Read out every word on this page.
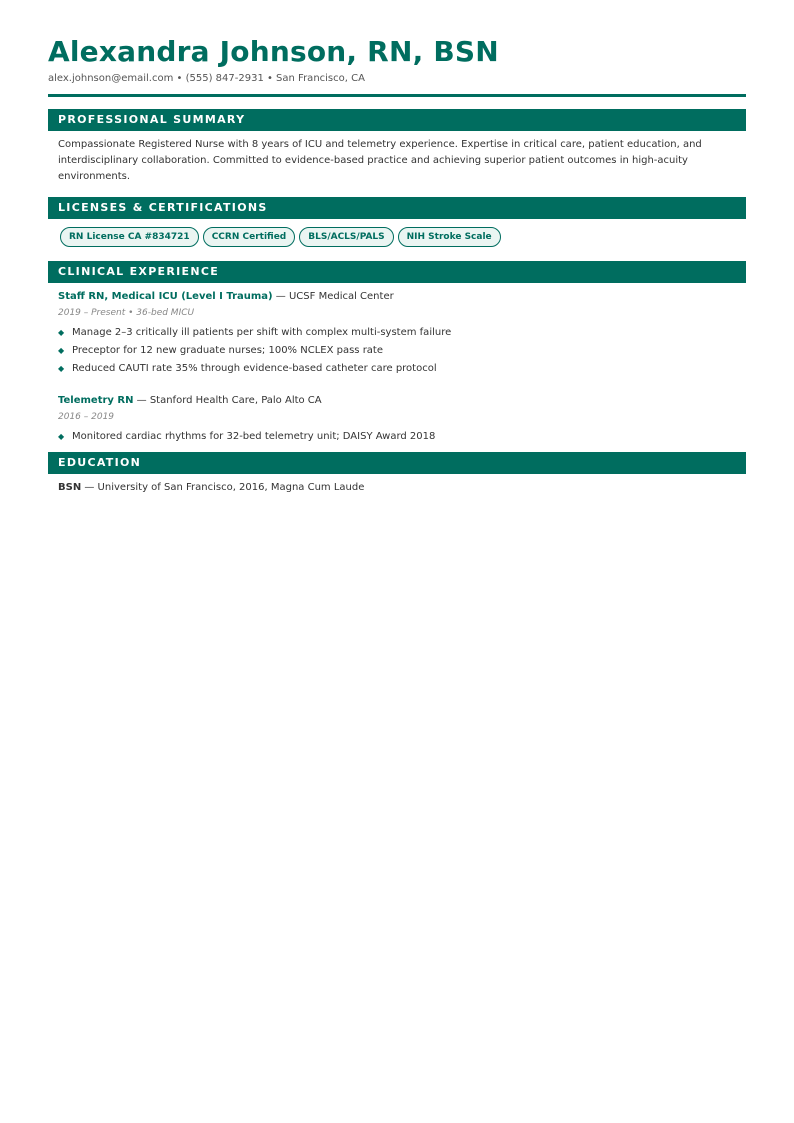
Alexandra Johnson, RN, BSN
alex.johnson@email.com • (555) 847-2931 • San Francisco, CA
PROFESSIONAL SUMMARY
Compassionate Registered Nurse with 8 years of ICU and telemetry experience. Expertise in critical care, patient education, and interdisciplinary collaboration. Committed to evidence-based practice and achieving superior patient outcomes in high-acuity environments.
LICENSES & CERTIFICATIONS
RN License CA #834721	CCRN Certified	BLS/ACLS/PALS	NIH Stroke Scale
CLINICAL EXPERIENCE
Staff RN, Medical ICU (Level I Trauma) — UCSF Medical Center
2019 – Present • 36-bed MICU
◆ Manage 2–3 critically ill patients per shift with complex multi-system failure
◆ Preceptor for 12 new graduate nurses; 100% NCLEX pass rate
◆ Reduced CAUTI rate 35% through evidence-based catheter care protocol
Telemetry RN — Stanford Health Care, Palo Alto CA
2016 – 2019
◆ Monitored cardiac rhythms for 32-bed telemetry unit; DAISY Award 2018
EDUCATION
BSN — University of San Francisco, 2016, Magna Cum Laude
